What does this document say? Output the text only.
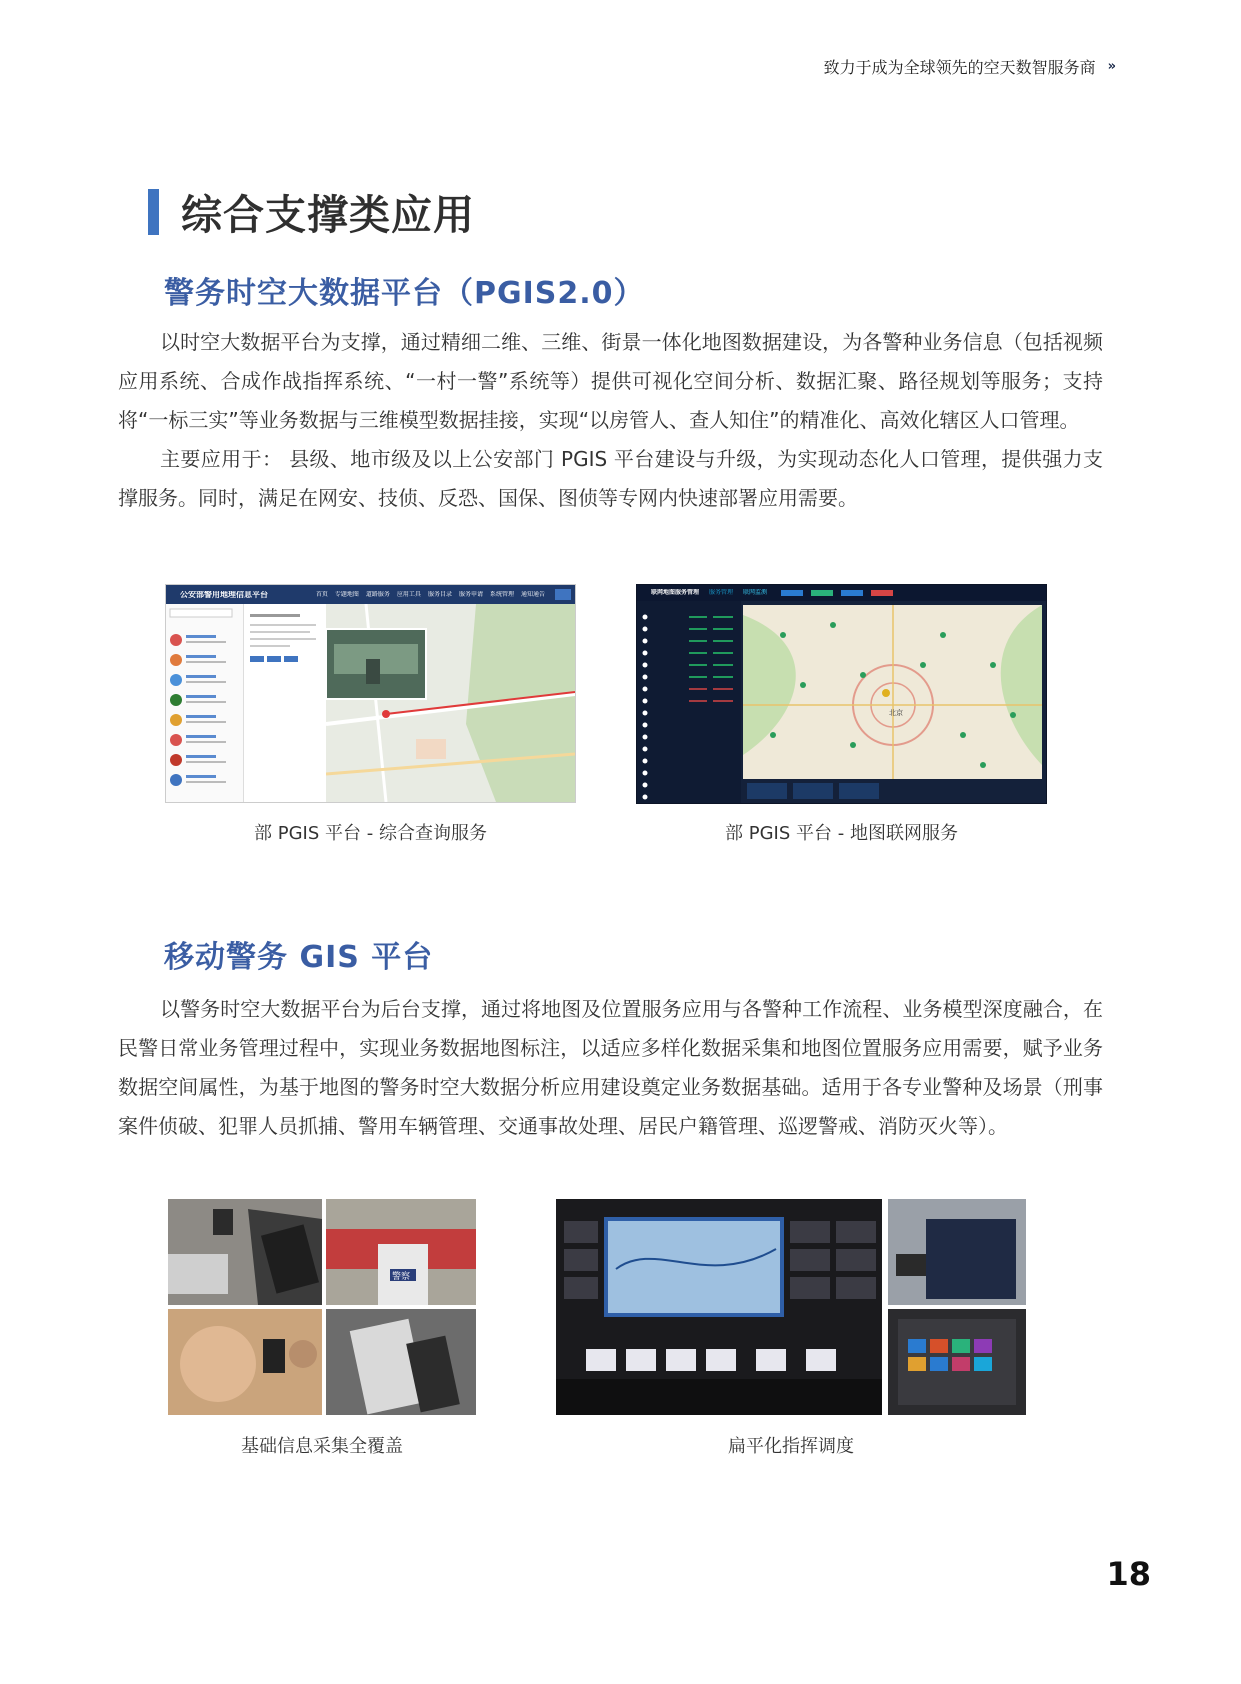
致力于成为全球领先的空天数智服务商 »
综合支撑类应用
警务时空大数据平台（PGIS2.0）

以时空大数据平台为支撑，通过精细二维、三维、街景一体化地图数据建设，为各警种业务信息（包括视频应用系统、合成作战指挥系统、“一村一警”系统等）提供可视化空间分析、数据汇聚、路径规划等服务；支持将“一标三实”等业务数据与三维模型数据挂接，实现“以房管人、查人知住”的精准化、高效化辖区人口管理。

主要应用于： 县级、地市级及以上公安部门 PGIS 平台建设与升级，为实现动态化人口管理，提供强力支撑服务。同时，满足在网安、技侦、反恐、国保、图侦等专网内快速部署应用需要。

公安部警用地理信息平台	首页 专题地图 道路服务 应用工具 服务目录 服务申请 系统管理 通知通告
部 PGIS 平台 - 综合查询服务
联网地图服务管理 服务管理 联网监测
北京
部 PGIS 平台 - 地图联网服务
移动警务 GIS 平台

以警务时空大数据平台为后台支撑，通过将地图及位置服务应用与各警种工作流程、业务模型深度融合，在民警日常业务管理过程中，实现业务数据地图标注，以适应多样化数据采集和地图位置服务应用需要，赋予业务数据空间属性，为基于地图的警务时空大数据分析应用建设奠定业务数据基础。适用于各专业警种及场景（刑事案件侦破、犯罪人员抓捕、警用车辆管理、交通事故处理、居民户籍管理、巡逻警戒、消防灭火等）。

警察
基础信息采集全覆盖	扁平化指挥调度
18
